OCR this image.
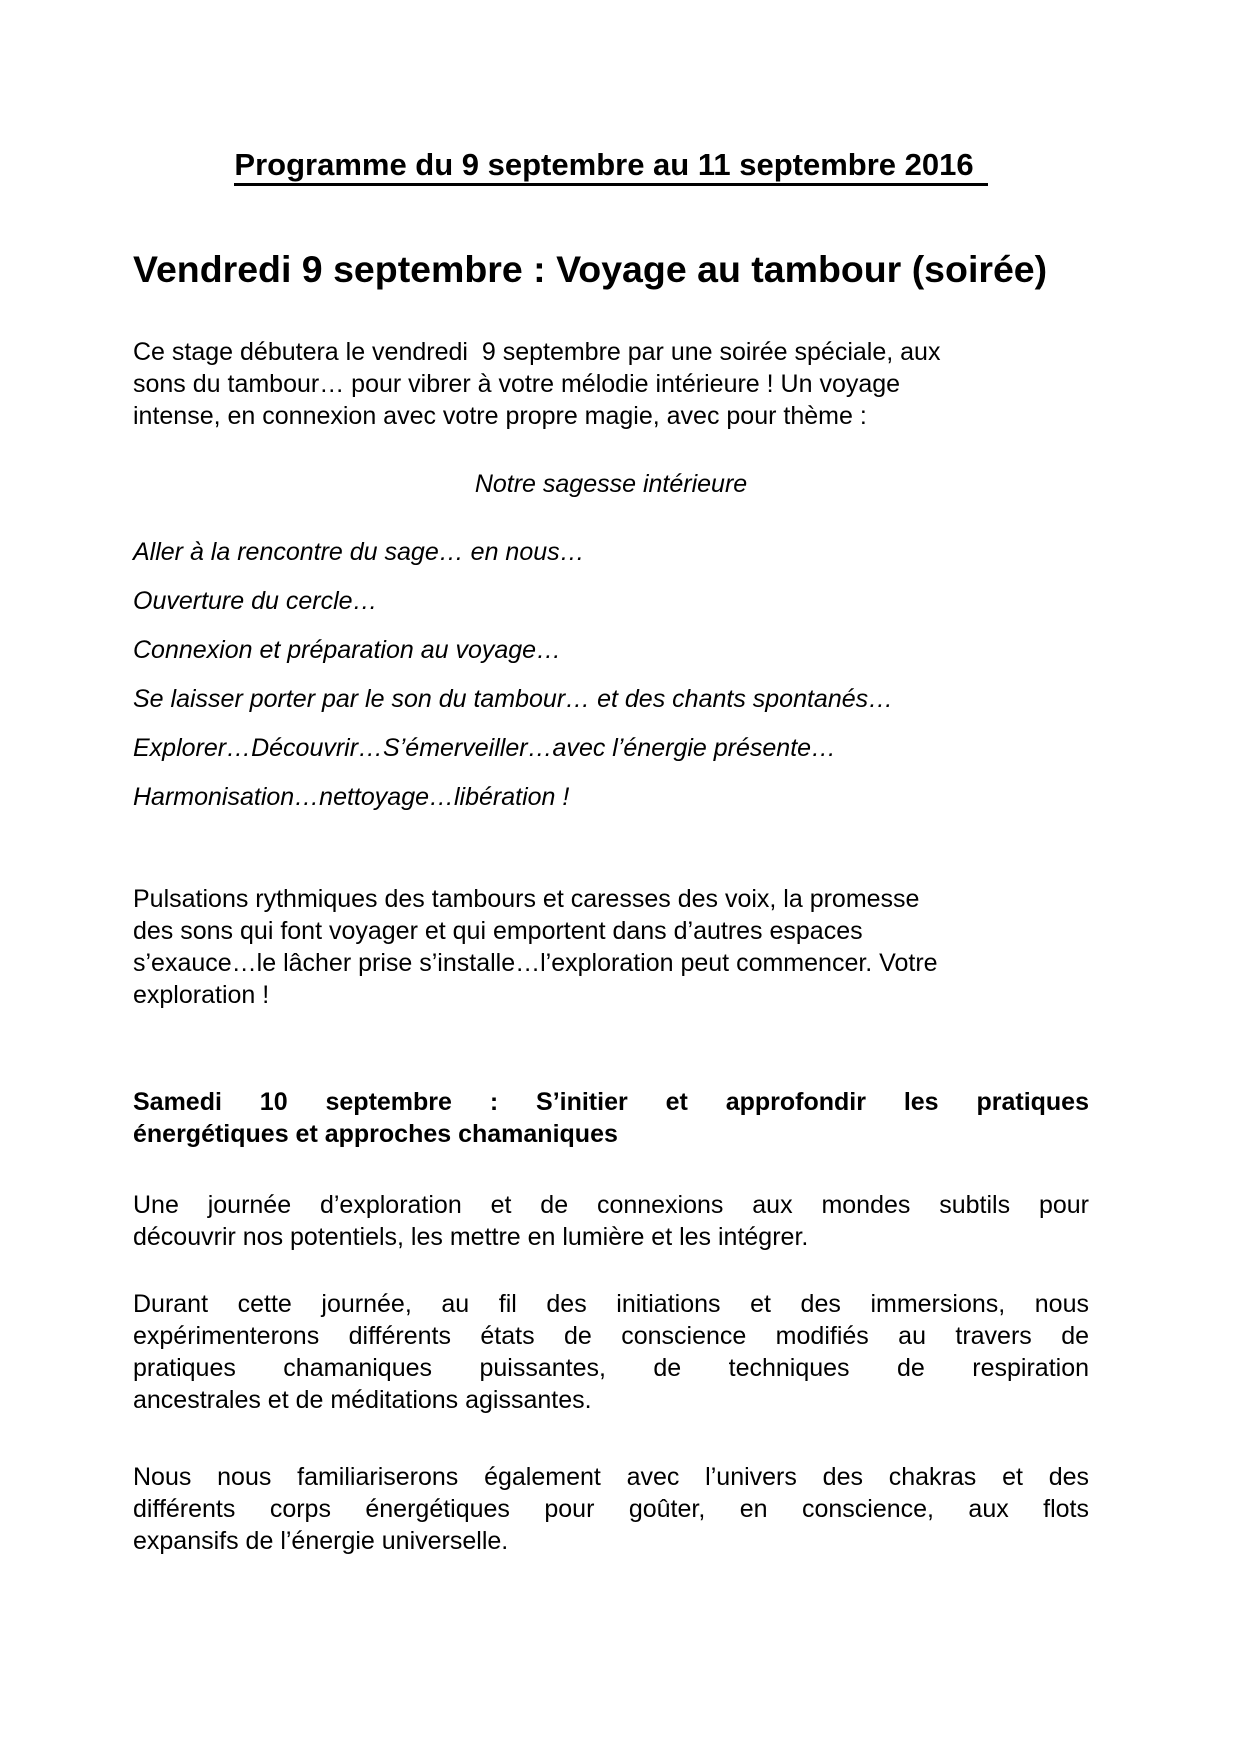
Programme du 9 septembre au 11 septembre 2016
Vendredi 9 septembre : Voyage au tambour (soirée)
Ce stage débutera le vendredi  9 septembre par une soirée spéciale, aux
sons du tambour… pour vibrer à votre mélodie intérieure ! Un voyage
intense, en connexion avec votre propre magie, avec pour thème :
Notre sagesse intérieure
Aller à la rencontre du sage… en nous…
Ouverture du cercle…
Connexion et préparation au voyage…
Se laisser porter par le son du tambour… et des chants spontanés…
Explorer…Découvrir…S’émerveiller…avec l’énergie présente…
Harmonisation…nettoyage…libération !
Pulsations rythmiques des tambours et caresses des voix, la promesse
des sons qui font voyager et qui emportent dans d’autres espaces
s’exauce…le lâcher prise s’installe…l’exploration peut commencer. Votre
exploration !
Samedi 10 septembre : S’initier et approfondir les pratiques
énergétiques et approches chamaniques
Une journée d’exploration et de connexions aux mondes subtils pour
découvrir nos potentiels, les mettre en lumière et les intégrer.
Durant cette journée, au fil des initiations et des immersions, nous
expérimenterons différents états de conscience modifiés au travers de
pratiques chamaniques puissantes, de techniques de respiration
ancestrales et de méditations agissantes.
Nous nous familiariserons également avec l’univers des chakras et des
différents corps énergétiques pour goûter, en conscience, aux flots
expansifs de l’énergie universelle.
